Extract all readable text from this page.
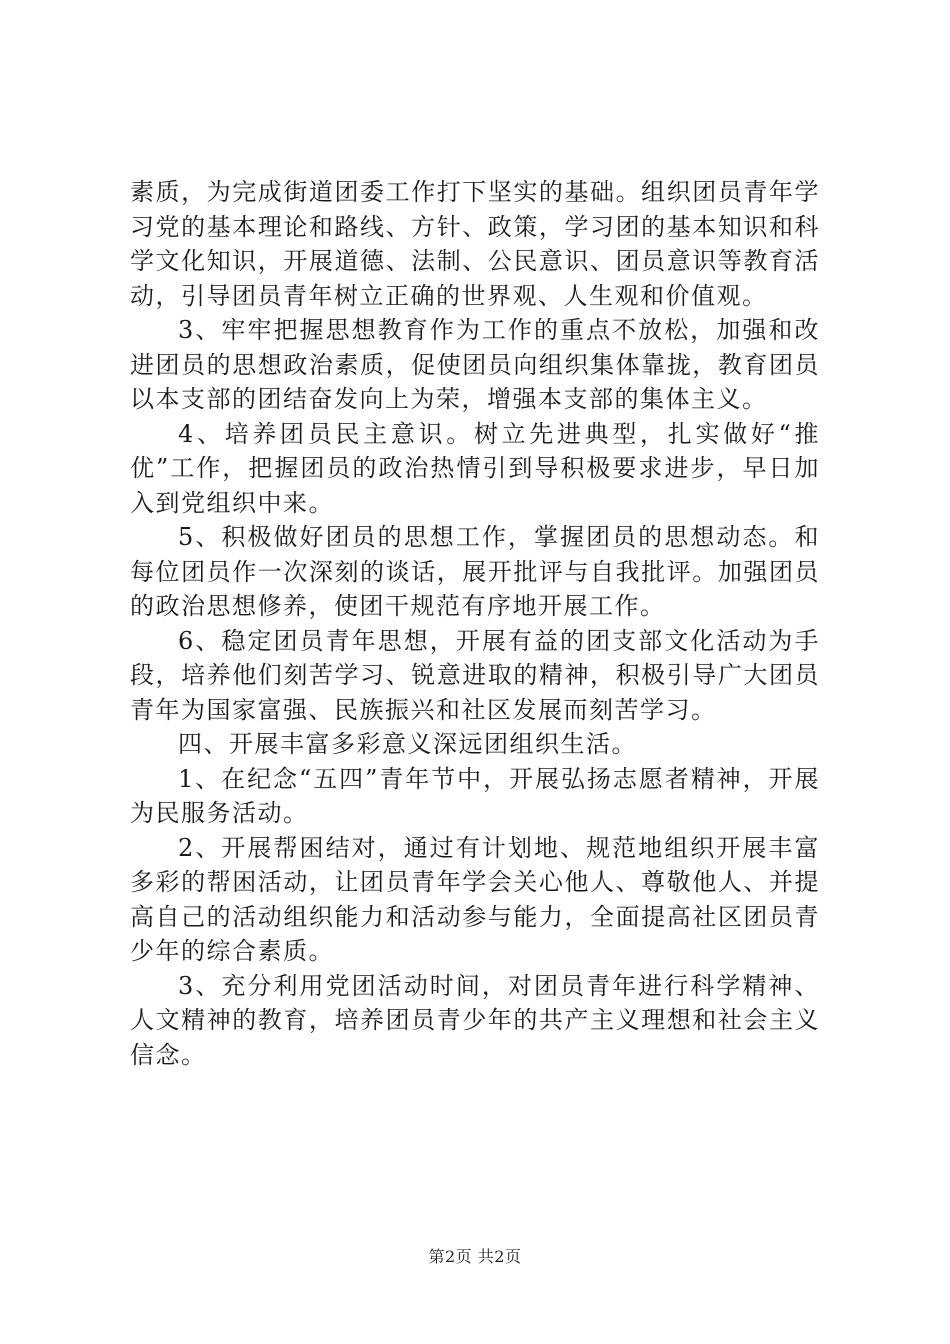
素质，为完成街道团委工作打下坚实的基础。组织团员青年学习党的基本理论和路线、方针、政策，学习团的基本知识和科学文化知识，开展道德、法制、公民意识、团员意识等教育活动，引导团员青年树立正确的世界观、人生观和价值观。

3、牢牢把握思想教育作为工作的重点不放松，加强和改进团员的思想政治素质，促使团员向组织集体靠拢，教育团员以本支部的团结奋发向上为荣，增强本支部的集体主义。

4、培养团员民主意识。树立先进典型，扎实做好“推优”工作，把握团员的政治热情引到导积极要求进步，早日加入到党组织中来。

5、积极做好团员的思想工作，掌握团员的思想动态。和每位团员作一次深刻的谈话，展开批评与自我批评。加强团员的政治思想修养，使团干规范有序地开展工作。

6、稳定团员青年思想，开展有益的团支部文化活动为手段，培养他们刻苦学习、锐意进取的精神，积极引导广大团员青年为国家富强、民族振兴和社区发展而刻苦学习。

四、开展丰富多彩意义深远团组织生活。

1、在纪念“五四”青年节中，开展弘扬志愿者精神，开展为民服务活动。

2、开展帮困结对，通过有计划地、规范地组织开展丰富多彩的帮困活动，让团员青年学会关心他人、尊敬他人、并提高自己的活动组织能力和活动参与能力，全面提高社区团员青少年的综合素质。

3、充分利用党团活动时间，对团员青年进行科学精神、人文精神的教育，培养团员青少年的共产主义理想和社会主义信念。

第2页 共2页
